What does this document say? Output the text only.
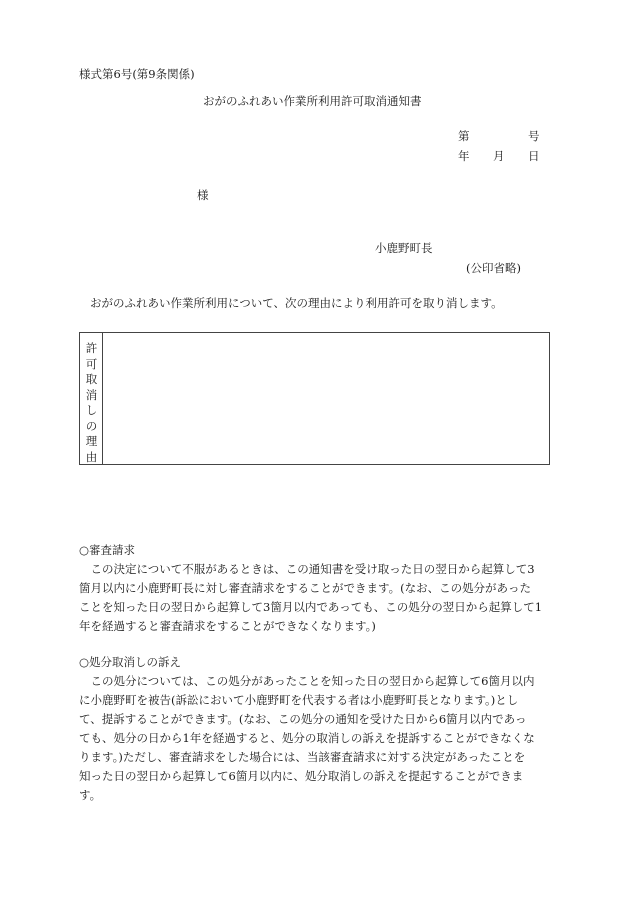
様式第6号(第9条関係)
おがのふれあい作業所利用許可取消通知書
第	号
年 月 日
様
小鹿野町長
(公印省略)
おがのふれあい作業所利用について、次の理由により利用許可を取り消します。
許
可
取
消
し
の
理
由
○審査請求
　この決定について不服があるときは、この通知書を受け取った日の翌日から起算して3
箇月以内に小鹿野町長に対し審査請求をすることができます。(なお、この処分があった
ことを知った日の翌日から起算して3箇月以内であっても、この処分の翌日から起算して1
年を経過すると審査請求をすることができなくなります。)
○処分取消しの訴え
　この処分については、この処分があったことを知った日の翌日から起算して6箇月以内
に小鹿野町を被告(訴訟において小鹿野町を代表する者は小鹿野町長となります。)とし
て、提訴することができます。(なお、この処分の通知を受けた日から6箇月以内であっ
ても、処分の日から1年を経過すると、処分の取消しの訴えを提訴することができなくな
ります。)ただし、審査請求をした場合には、当該審査請求に対する決定があったことを
知った日の翌日から起算して6箇月以内に、処分取消しの訴えを提起することができま
す。
